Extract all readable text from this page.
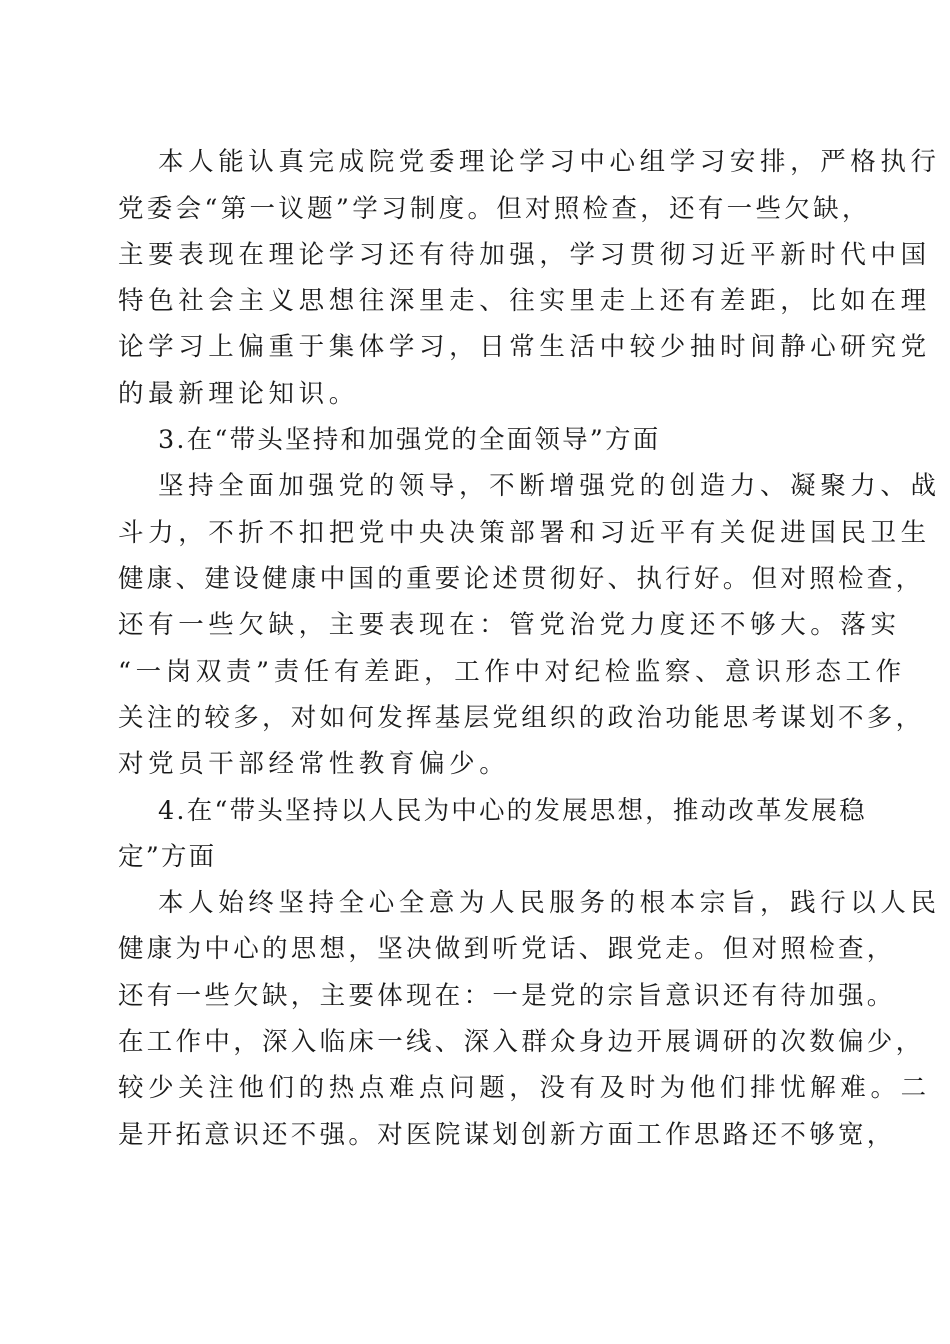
本人能认真完成院党委理论学习中心组学习安排，严格执行
党委会“第一议题”学习制度。但对照检查，还有一些欠缺，
主要表现在理论学习还有待加强，学习贯彻习近平新时代中国
特色社会主义思想往深里走、往实里走上还有差距，比如在理
论学习上偏重于集体学习，日常生活中较少抽时间静心研究党
的最新理论知识。
3.在“带头坚持和加强党的全面领导”方面
坚持全面加强党的领导，不断增强党的创造力、凝聚力、战
斗力，不折不扣把党中央决策部署和习近平有关促进国民卫生
健康、建设健康中国的重要论述贯彻好、执行好。但对照检查，
还有一些欠缺，主要表现在：管党治党力度还不够大。落实
“一岗双责”责任有差距，工作中对纪检监察、意识形态工作
关注的较多，对如何发挥基层党组织的政治功能思考谋划不多，
对党员干部经常性教育偏少。
4.在“带头坚持以人民为中心的发展思想，推动改革发展稳
定”方面
本人始终坚持全心全意为人民服务的根本宗旨，践行以人民
健康为中心的思想，坚决做到听党话、跟党走。但对照检查，
还有一些欠缺，主要体现在：一是党的宗旨意识还有待加强。
在工作中，深入临床一线、深入群众身边开展调研的次数偏少，
较少关注他们的热点难点问题，没有及时为他们排忧解难。二
是开拓意识还不强。对医院谋划创新方面工作思路还不够宽，
